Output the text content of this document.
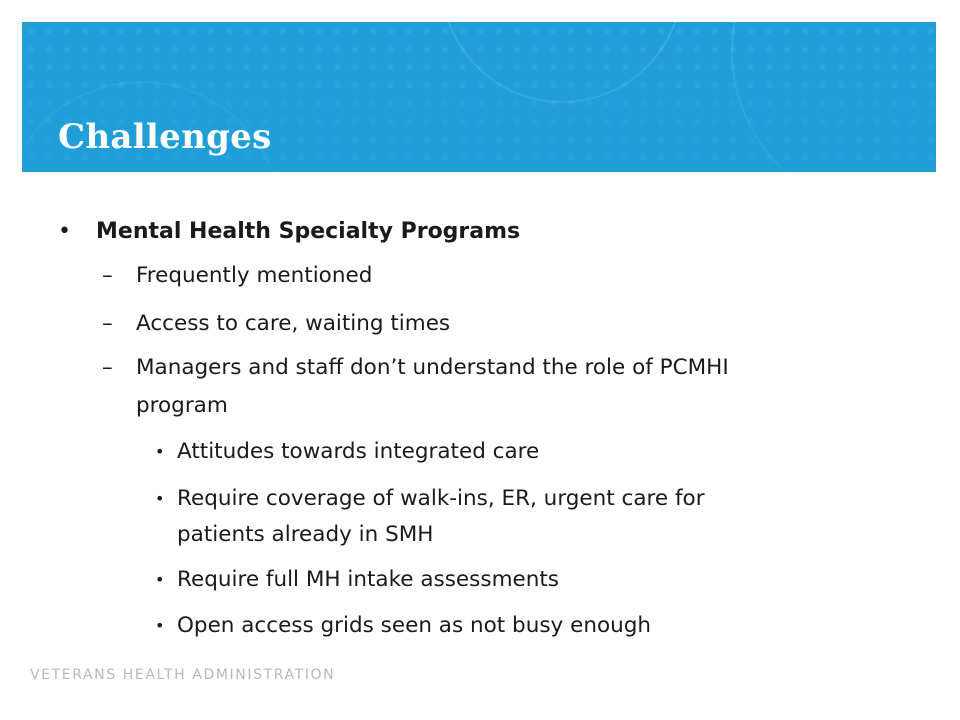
Challenges
• Mental Health Specialty Programs
– Frequently mentioned
– Access to care, waiting times
– Managers and staff don’t understand the role of PCMHI
program
• Attitudes towards integrated care
• Require coverage of walk-ins, ER, urgent care for
patients already in SMH
• Require full MH intake assessments
• Open access grids seen as not busy enough
VETERANS HEALTH ADMINISTRATION
